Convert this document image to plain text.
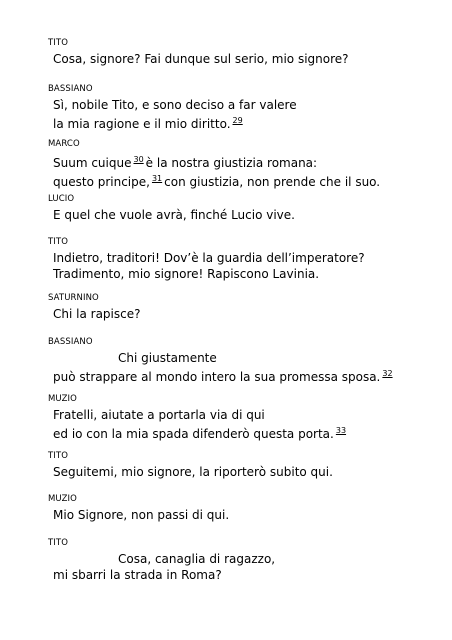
TITO
Cosa, signore? Fai dunque sul serio, mio signore?
BASSIANO
Sì, nobile Tito, e sono deciso a far valere
la mia ragione e il mio diritto. $^{29}$
MARCO
Suum cuique $^{30}$ è la nostra giustizia romana:
questo principe, $^{31}$ con giustizia, non prende che il suo.
LUCIO
E quel che vuole avrà, finché Lucio vive.
TITO
Indietro, traditori! Dov’è la guardia dell’imperatore?
Tradimento, mio signore! Rapiscono Lavinia.
SATURNINO
Chi la rapisce?
BASSIANO
Chi giustamente
può strappare al mondo intero la sua promessa sposa. $^{32}$
MUZIO
Fratelli, aiutate a portarla via di qui
ed io con la mia spada difenderò questa porta. $^{33}$
TITO
Seguitemi, mio signore, la riporterò subito qui.
MUZIO
Mio Signore, non passi di qui.
TITO
Cosa, canaglia di ragazzo,
mi sbarri la strada in Roma?
